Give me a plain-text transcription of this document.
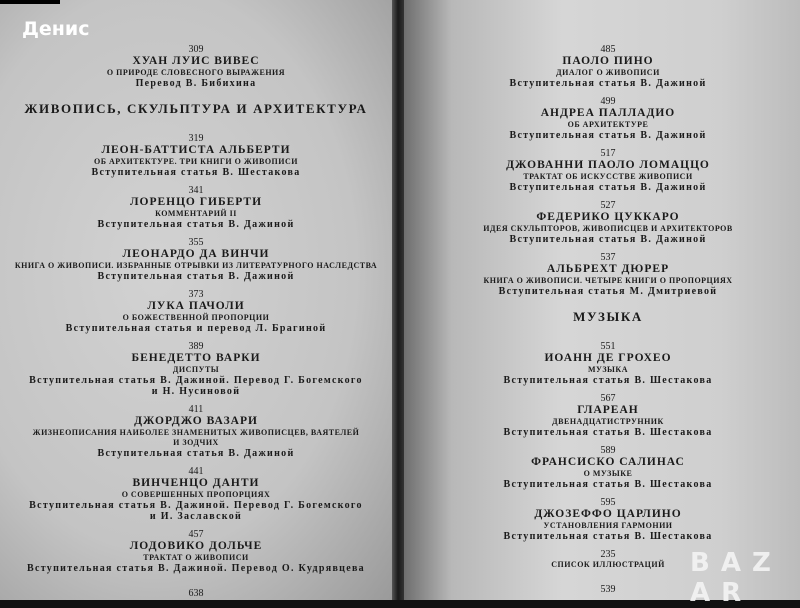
309
ХУАН ЛУИС ВИВЕС
О ПРИРОДЕ СЛОВЕСНОГО ВЫРАЖЕНИЯ
Перевод В. Бибихина
ЖИВОПИСЬ, СКУЛЬПТУРА И АРХИТЕКТУРА
319
ЛЕОН-БАТТИСТА АЛЬБЕРТИ
ОБ АРХИТЕКТУРЕ. ТРИ КНИГИ О ЖИВОПИСИ
Вступительная статья В. Шестакова
341
ЛОРЕНЦО ГИБЕРТИ
КОММЕНТАРИЙ II
Вступительная статья В. Дажиной
355
ЛЕОНАРДО ДА ВИНЧИ
КНИГА О ЖИВОПИСИ. ИЗБРАННЫЕ ОТРЫВКИ ИЗ ЛИТЕРАТУРНОГО НАСЛЕДСТВА
Вступительная статья В. Дажиной
373
ЛУКА ПАЧОЛИ
О БОЖЕСТВЕННОЙ ПРОПОРЦИИ
Вступительная статья и перевод Л. Брагиной
389
БЕНЕДЕТТО ВАРКИ
ДИСПУТЫ
Вступительная статья В. Дажиной. Перевод Г. Богемского
и Н. Нусиновой
411
ДЖОРДЖО ВАЗАРИ
ЖИЗНЕОПИСАНИЯ НАИБОЛЕЕ ЗНАМЕНИТЫХ ЖИВОПИСЦЕВ, ВАЯТЕЛЕЙ
И ЗОДЧИХ
Вступительная статья В. Дажиной
441
ВИНЧЕНЦО ДАНТИ
О СОВЕРШЕННЫХ ПРОПОРЦИЯХ
Вступительная статья В. Дажиной. Перевод Г. Богемского
и И. Заславской
457
ЛОДОВИКО ДОЛЬЧЕ
ТРАКТАТ О ЖИВОПИСИ
Вступительная статья В. Дажиной. Перевод О. Кудрявцева
638
485
ПАОЛО ПИНО
ДИАЛОГ О ЖИВОПИСИ
Вступительная статья В. Дажиной
499
АНДРЕА ПАЛЛАДИО
ОБ АРХИТЕКТУРЕ
Вступительная статья В. Дажиной
517
ДЖОВАННИ ПАОЛО ЛОМАЦЦО
ТРАКТАТ ОБ ИСКУССТВЕ ЖИВОПИСИ
Вступительная статья В. Дажиной
527
ФЕДЕРИКО ЦУККАРО
ИДЕЯ СКУЛЬПТОРОВ, ЖИВОПИСЦЕВ И АРХИТЕКТОРОВ
Вступительная статья В. Дажиной
537
АЛЬБРЕХТ ДЮРЕР
КНИГА О ЖИВОПИСИ. ЧЕТЫРЕ КНИГИ О ПРОПОРЦИЯХ
Вступительная статья М. Дмитриевой
МУЗЫКА
551
ИОАНН ДЕ ГРОХЕО
МУЗЫКА
Вступительная статья В. Шестакова
567
ГЛАРЕАН
ДВЕНАДЦАТИСТРУННИК
Вступительная статья В. Шестакова
589
ФРАНСИСКО САЛИНАС
О МУЗЫКЕ
Вступительная статья В. Шестакова
595
ДЖОЗЕФФО ЦАРЛИНО
УСТАНОВЛЕНИЯ ГАРМОНИИ
Вступительная статья В. Шестакова
235
СПИСОК ИЛЛЮСТРАЦИЙ
539
Денис
B A Z A R
